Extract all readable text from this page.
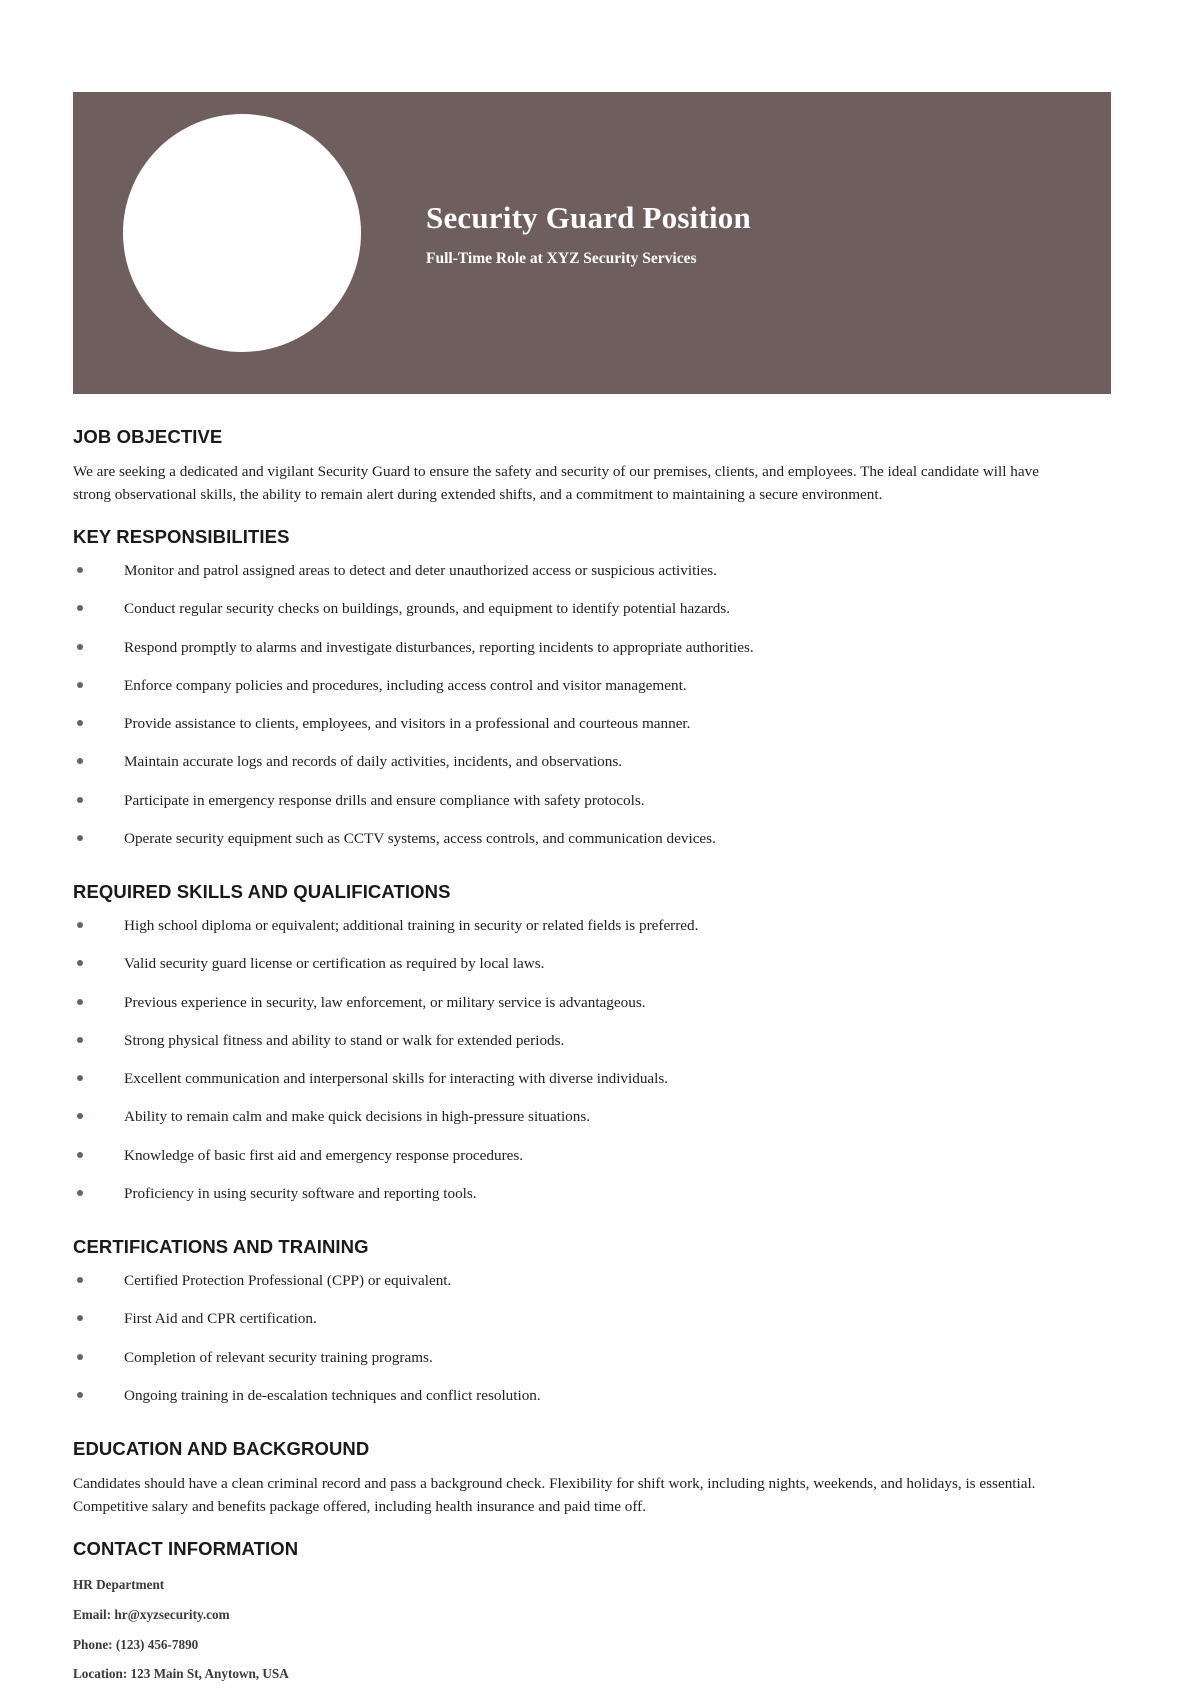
Security Guard Position
Full-Time Role at XYZ Security Services
JOB OBJECTIVE

We are seeking a dedicated and vigilant Security Guard to ensure the safety and security of our premises, clients, and employees. The ideal candidate will have strong observational skills, the ability to remain alert during extended shifts, and a commitment to maintaining a secure environment.

KEY RESPONSIBILITIES
Monitor and patrol assigned areas to detect and deter unauthorized access or suspicious activities.
Conduct regular security checks on buildings, grounds, and equipment to identify potential hazards.
Respond promptly to alarms and investigate disturbances, reporting incidents to appropriate authorities.
Enforce company policies and procedures, including access control and visitor management.
Provide assistance to clients, employees, and visitors in a professional and courteous manner.
Maintain accurate logs and records of daily activities, incidents, and observations.
Participate in emergency response drills and ensure compliance with safety protocols.
Operate security equipment such as CCTV systems, access controls, and communication devices.
REQUIRED SKILLS AND QUALIFICATIONS
High school diploma or equivalent; additional training in security or related fields is preferred.
Valid security guard license or certification as required by local laws.
Previous experience in security, law enforcement, or military service is advantageous.
Strong physical fitness and ability to stand or walk for extended periods.
Excellent communication and interpersonal skills for interacting with diverse individuals.
Ability to remain calm and make quick decisions in high-pressure situations.
Knowledge of basic first aid and emergency response procedures.
Proficiency in using security software and reporting tools.
CERTIFICATIONS AND TRAINING
Certified Protection Professional (CPP) or equivalent.
First Aid and CPR certification.
Completion of relevant security training programs.
Ongoing training in de-escalation techniques and conflict resolution.
EDUCATION AND BACKGROUND

Candidates should have a clean criminal record and pass a background check. Flexibility for shift work, including nights, weekends, and holidays, is essential. Competitive salary and benefits package offered, including health insurance and paid time off.

CONTACT INFORMATION
HR Department
Email: hr@xyzsecurity.com
Phone: (123) 456-7890
Location: 123 Main St, Anytown, USA
